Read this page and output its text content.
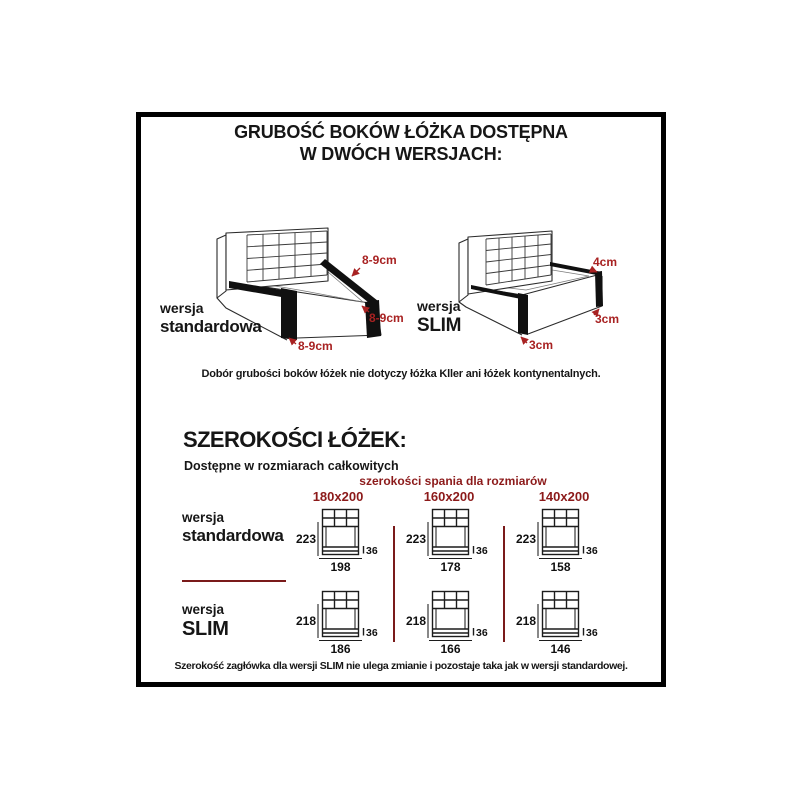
GRUBOŚĆ BOKÓW ŁÓŻKA DOSTĘPNA
W DWÓCH WERSJACH:
8-9cm
8-9cm
8-9cm
wersja
standardowa
4cm
3cm
3cm
wersja
SLIM
Dobór grubości boków łóżek nie dotyczy łóżka Kller ani łóżek kontynentalnych.
SZEROKOŚCI ŁÓŻEK:
Dostępne w rozmiarach całkowitych
szerokości spania dla rozmiarów
180x200	160x200	140x200
wersja
standardowa
wersja
SLIM
223
36
198
223
36
178
223
36
158
218
36
186
218
36
166
218
36
146
Szerokość zagłówka dla wersji SLIM nie ulega zmianie i pozostaje taka jak w wersji standardowej.
